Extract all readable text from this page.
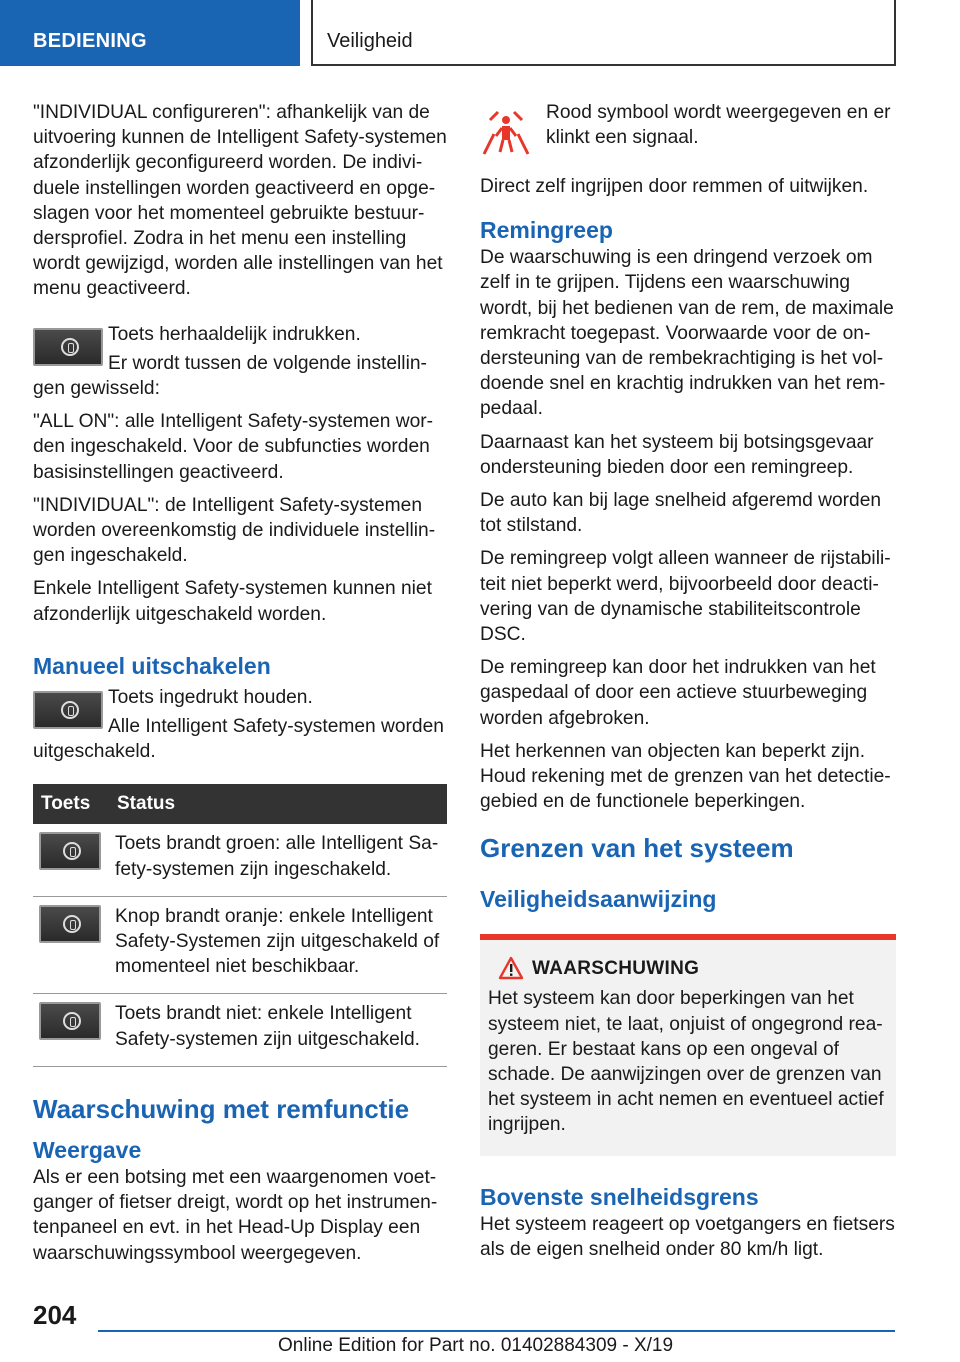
BEDIENING	Veiligheid

"INDIVIDUAL configureren": afhankelijk van de uitvoering kunnen de Intelligent Safety-systemen afzonderlijk geconfigureerd worden. De individuele instellingen worden geactiveerd en opgeslagen voor het momenteel gebruikte bestuurdersprofiel. Zodra in het menu een instelling wordt gewijzigd, worden alle instellingen van het menu geactiveerd.

Toets herhaaldelijk indrukken.

Er wordt tussen de volgende instellingen gewisseld:

"ALL ON": alle Intelligent Safety-systemen worden ingeschakeld. Voor de subfuncties worden basisinstellingen geactiveerd.

"INDIVIDUAL": de Intelligent Safety-systemen worden overeenkomstig de individuele instellingen ingeschakeld.

Enkele Intelligent Safety-systemen kunnen niet afzonderlijk uitgeschakeld worden.

Manueel uitschakelen

Toets ingedrukt houden.

Alle Intelligent Safety-systemen worden uitgeschakeld.

Toets	Status

	Toets brandt groen: alle Intelligent Safety-systemen zijn ingeschakeld.

	Knop brandt oranje: enkele Intelligent Safety-Systemen zijn uitgeschakeld of momenteel niet beschikbaar.

	Toets brandt niet: enkele Intelligent Safety-systemen zijn uitgeschakeld.
Waarschuwing met remfunctie
Weergave

Als er een botsing met een waargenomen voetganger of fietser dreigt, wordt op het instrumentenpaneel en evt. in het Head-Up Display een waarschuwingssymbool weergegeven.

Rood symbool wordt weergegeven en er klinkt een signaal.

Direct zelf ingrijpen door remmen of uitwijken.

Remingreep

De waarschuwing is een dringend verzoek om zelf in te grijpen. Tijdens een waarschuwing wordt, bij het bedienen van de rem, de maximale remkracht toegepast. Voorwaarde voor de ondersteuning van de rembekrachtiging is het voldoende snel en krachtig indrukken van het rempedaal.

Daarnaast kan het systeem bij botsingsgevaar ondersteuning bieden door een remingreep.

De auto kan bij lage snelheid afgeremd worden tot stilstand.

De remingreep volgt alleen wanneer de rijstabiliteit niet beperkt werd, bijvoorbeeld door deactivering van de dynamische stabiliteitscontrole DSC.

De remingreep kan door het indrukken van het gaspedaal of door een actieve stuurbeweging worden afgebroken.

Het herkennen van objecten kan beperkt zijn. Houd rekening met de grenzen van het detectiegebied en de functionele beperkingen.

Grenzen van het systeem
Veiligheidsaanwijzing
WAARSCHUWING

Het systeem kan door beperkingen van het systeem niet, te laat, onjuist of ongegrond reageren. Er bestaat kans op een ongeval of schade. De aanwijzingen over de grenzen van het systeem in acht nemen en eventueel actief ingrijpen.

Bovenste snelheidsgrens

Het systeem reageert op voetgangers en fietsers als de eigen snelheid onder 80 km/h ligt.

204
Online Edition for Part no. 01402884309 - X/19
